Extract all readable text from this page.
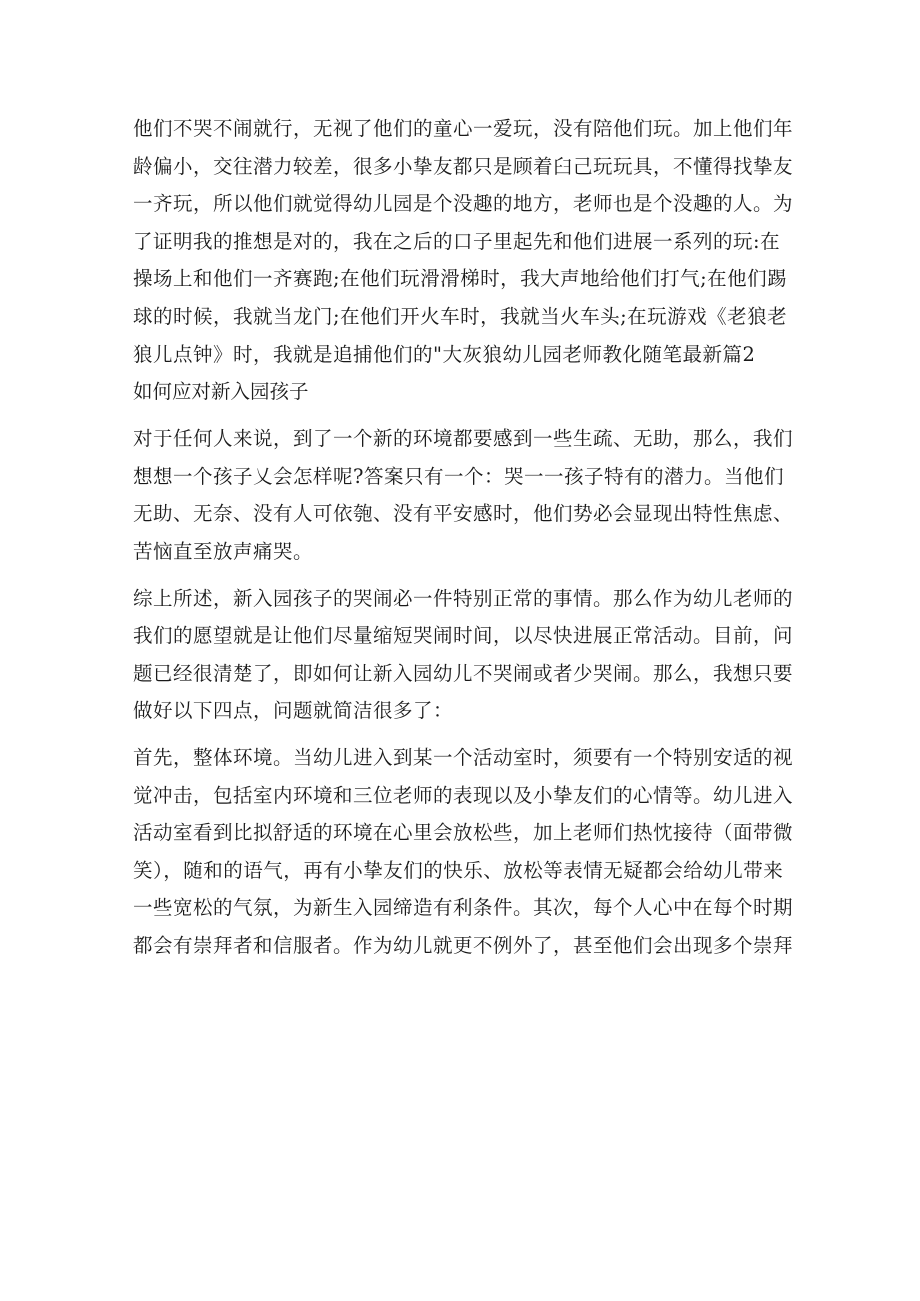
他们不哭不闹就行，无视了他们的童心一爱玩，没有陪他们玩。加上他们年
龄偏小，交往潜力较差，很多小挚友都只是顾着臼己玩玩具，不懂得找挚友
一齐玩，所以他们就觉得幼儿园是个没趣的地方，老师也是个没趣的人。为
了证明我的推想是对的，我在之后的口子里起先和他们进展一系列的玩:在
操场上和他们一齐赛跑;在他们玩滑滑梯时，我大声地给他们打气;在他们踢
球的时候，我就当龙门;在他们开火车时，我就当火车头;在玩游戏《老狼老
狼儿点钟》时，我就是追捕他们的"大灰狼幼儿园老师教化随笔最新篇2
如何应对新入园孩子
对于任何人来说，到了一个新的环境都要感到一些生疏、无助，那么，我们
想想一个孩子乂会怎样呢?答案只有一个：哭一一孩子特有的潜力。当他们
无助、无奈、没有人可依匏、没有平安感时，他们势必会显现出特性焦虑、
苦恼直至放声痛哭。
综上所述，新入园孩子的哭闹必一件特别正常的事情。那么作为幼儿老师的
我们的愿望就是让他们尽量缩短哭闹时间，以尽快进展正常活动。目前，问
题已经很清楚了，即如何让新入园幼儿不哭闹或者少哭闹。那么，我想只要
做好以下四点，问题就简洁很多了：
首先，整体环境。当幼儿进入到某一个活动室时，须要有一个特别安适的视
觉冲击，包括室内环境和三位老师的表现以及小挚友们的心情等。幼儿进入
活动室看到比拟舒适的环境在心里会放松些，加上老师们热忱接待（面带微
笑），随和的语气，再有小挚友们的快乐、放松等表情无疑都会给幼儿带来
一些宽松的气氛，为新生入园缔造有利条件。其次，每个人心中在每个时期
都会有崇拜者和信服者。作为幼儿就更不例外了，甚至他们会出现多个崇拜
